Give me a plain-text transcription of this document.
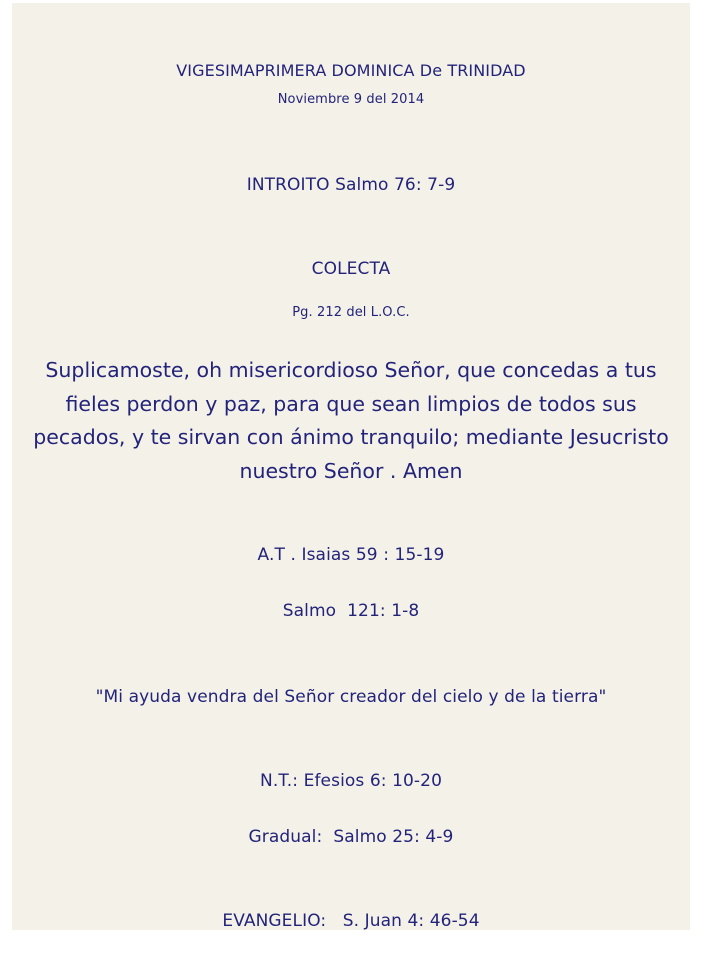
VIGESIMAPRIMERA DOMINICA De TRINIDAD
Noviembre 9 del 2014
INTROITO Salmo 76: 7-9
COLECTA
Pg. 212 del L.O.C.
Suplicamoste, oh misericordioso Señor, que concedas a tus
fieles perdon y paz, para que sean limpios de todos sus
pecados, y te sirvan con ánimo tranquilo; mediante Jesucristo
nuestro Señor . Amen
A.T . Isaias 59 : 15-19
Salmo  121: 1-8
"Mi ayuda vendra del Señor creador del cielo y de la tierra"
N.T.: Efesios 6: 10-20
Gradual:  Salmo 25: 4-9
EVANGELIO:   S. Juan 4: 46-54
